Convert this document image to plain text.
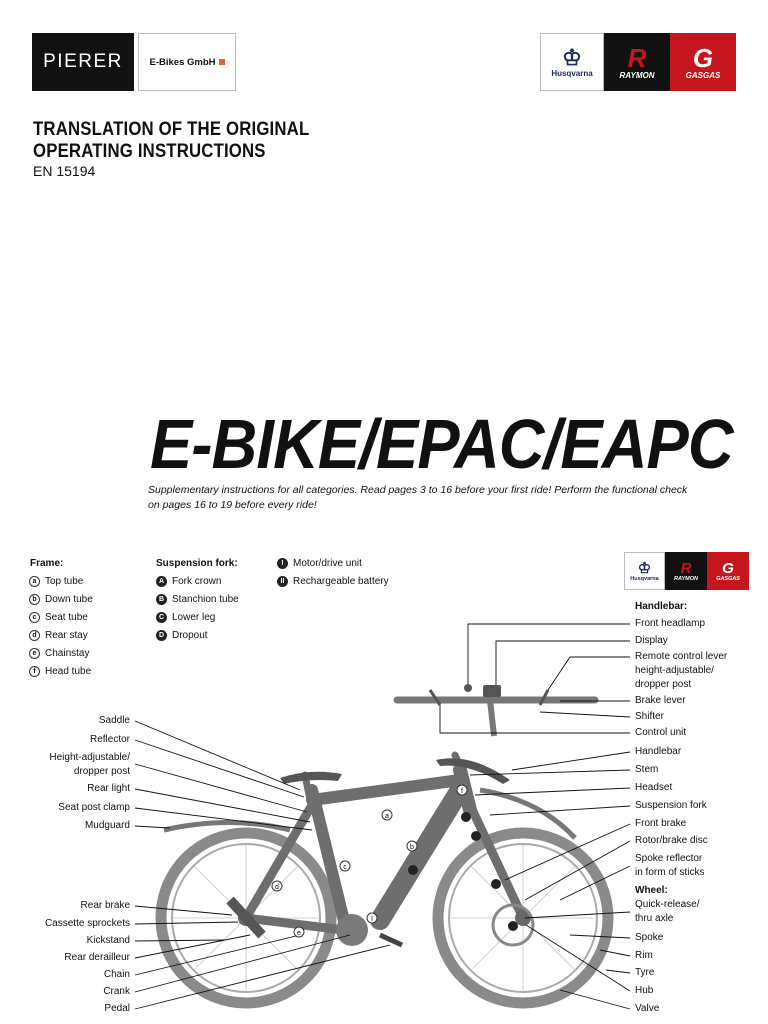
PIERER	E-Bikes GmbH	♔
Husqvarna
R
RAYMON
G
GASGAS
TRANSLATION OF THE ORIGINAL
OPERATING INSTRUCTIONS
EN 15194
E-BIKE/EPAC/EAPC
Supplementary instructions for all categories. Read pages 3 to 16 before your first ride! Perform the functional check
on pages 16 to 19 before every ride!
Frame:
a Top tube
b Down tube
c Seat tube
d Rear stay
e Chainstay
f Head tube
Suspension fork:
A Fork crown
B Stanchion tube
C Lower leg
D Dropout
I Motor/drive unit
II Rechargeable battery
♔
Husqvarna
R
RAYMON
G
GASGAS
a
b
c
d
e
f
I
Saddle
Reflector
Height-adjustable/
dropper post
Rear light
Seat post clamp
Mudguard
Rear brake
Cassette sprockets
Kickstand
Rear derailleur
Chain
Crank
Pedal
Handlebar:
Front headlamp
Display
Remote control lever
height-adjustable/
dropper post
Brake lever
Shifter
Control unit
Handlebar
Stem
Headset
Suspension fork
Front brake
Rotor/brake disc
Spoke reflector
in form of sticks
Wheel:
Quick-release/
thru axle
Spoke
Rim
Tyre
Hub
Valve
